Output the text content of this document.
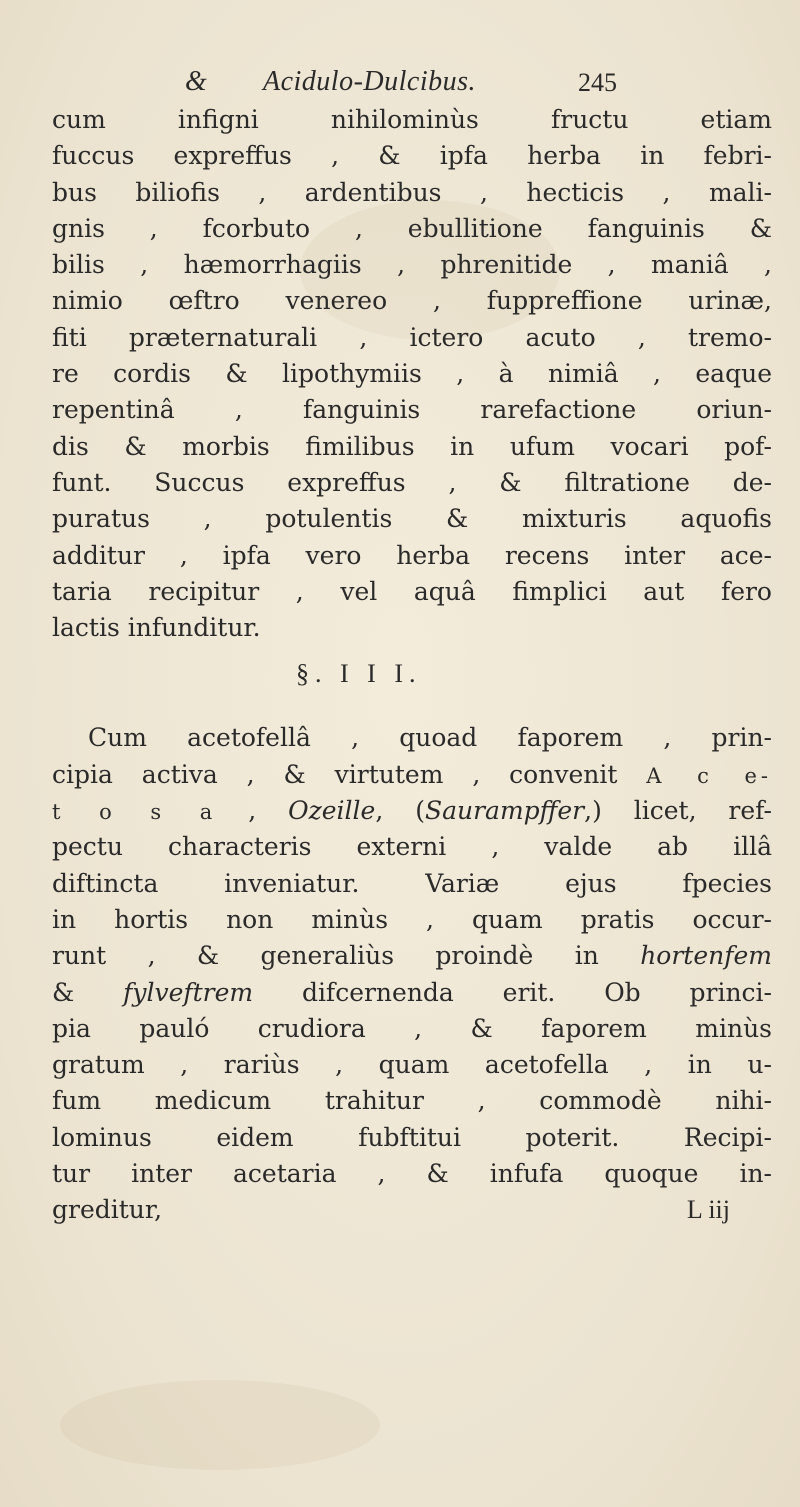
& Acidulo-Dulcibus.	245
cum infigni nihilominùs fructu etiam
fuccus expreffus , & ipfa herba in febri-
bus biliofis , ardentibus , hecticis , mali-
gnis , fcorbuto , ebullitione fanguinis &
bilis , hæmorrhagiis , phrenitide , maniâ ,
nimio œftro venereo , fuppreffione urinæ,
fiti præternaturali , ictero acuto , tremo-
re cordis & lipothymiis , à nimiâ , eaque
repentinâ , fanguinis rarefactione oriun-
dis & morbis fimilibus in ufum vocari pof-
funt. Succus expreffus , & filtratione de-
puratus , potulentis & mixturis aquofis
additur , ipfa vero herba recens inter ace-
taria recipitur , vel aquâ fimplici aut fero
lactis infunditur.
§. I I I.
Cum acetofellâ , quoad faporem , prin-
cipia activa , & virtutem , convenit A c e-
t o s a , Ozeille, (Saurampffer,) licet, ref-
pectu characteris externi , valde ab illâ
diftincta inveniatur. Variæ ejus fpecies
in hortis non minùs , quam pratis occur-
runt , & generaliùs proindè in hortenfem
& fylveftrem difcernenda erit. Ob princi-
pia pauló crudiora , & faporem minùs
gratum , rariùs , quam acetofella , in u-
fum medicum trahitur , commodè nihi-
lominus eidem fubftitui poterit. Recipi-
tur inter acetaria , & infufa quoque in-
greditur,	L iij
